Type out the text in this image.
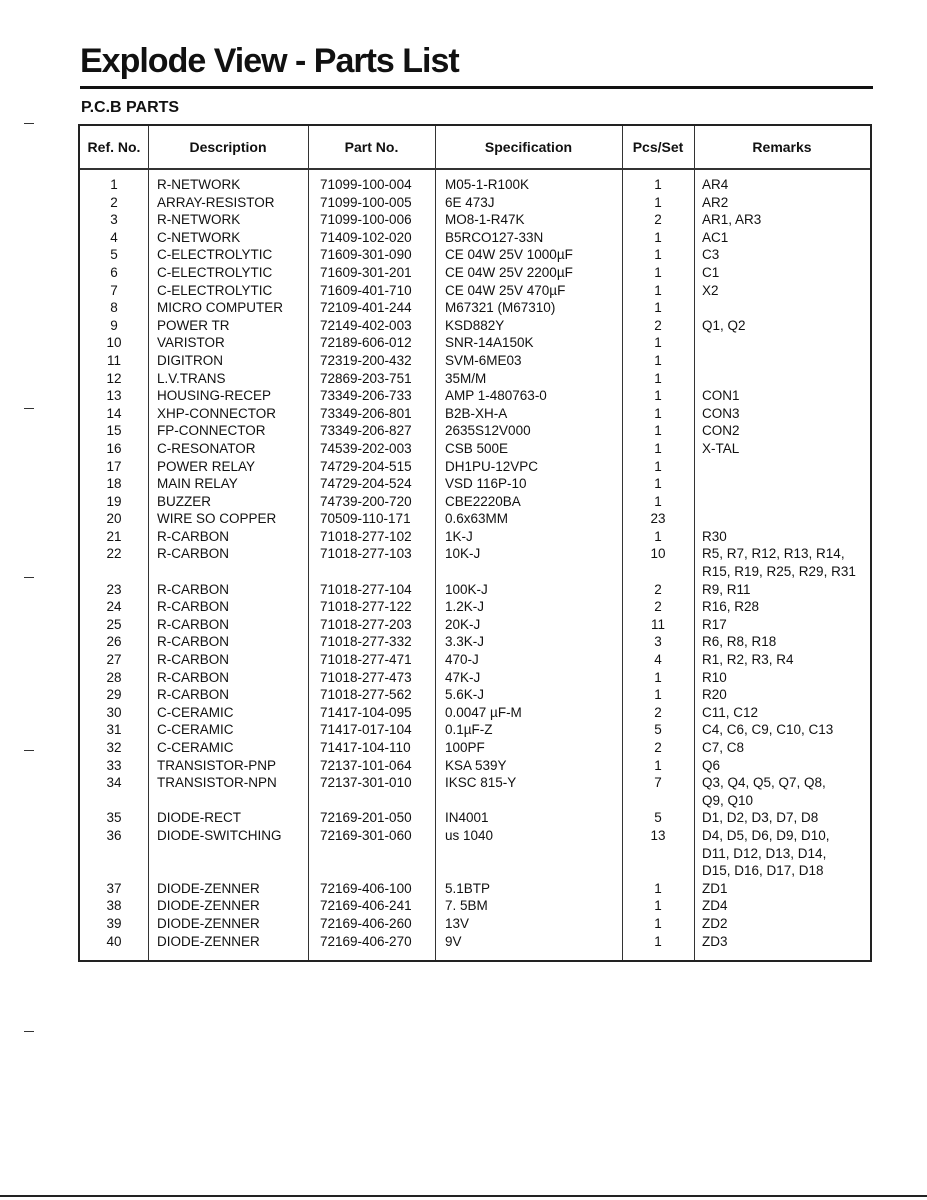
Explode View - Parts List
P.C.B PARTS
Ref. No.	Description	Part No.	Specification	Pcs/Set	Remarks
1	R-NETWORK	71099-100-004 M05-1-R100K	1	AR4
2	ARRAY-RESISTOR	71099-100-005 6E 473J	1	AR2
3	R-NETWORK	71099-100-006 MO8-1-R47K	2	AR1, AR3
4	C-NETWORK	71409-102-020 B5RCO127-33N	1	AC1
5	C-ELECTROLYTIC	71609-301-090 CE 04W 25V 1000µF	1	C3
6	C-ELECTROLYTIC	71609-301-201 CE 04W 25V 2200µF	1	C1
7	C-ELECTROLYTIC	71609-401-710 CE 04W 25V 470µF	1	X2
8	MICRO COMPUTER	72109-401-244 M67321 (M67310)	1
9	POWER TR	72149-402-003 KSD882Y	2	Q1, Q2
10	VARISTOR	72189-606-012 SNR-14A150K	1
11	DIGITRON	72319-200-432 SVM-6ME03	1
12	L.V.TRANS	72869-203-751 35M/M	1
13	HOUSING-RECEP	73349-206-733 AMP 1-480763-0	1	CON1
14	XHP-CONNECTOR	73349-206-801 B2B-XH-A	1	CON3
15	FP-CONNECTOR	73349-206-827 2635S12V000	1	CON2
16	C-RESONATOR	74539-202-003 CSB 500E	1	X-TAL
17	POWER RELAY	74729-204-515 DH1PU-12VPC	1
18	MAIN RELAY	74729-204-524 VSD 116P-10	1
19	BUZZER	74739-200-720 CBE2220BA	1
20	WIRE SO COPPER	70509-110-171	0.6x63MM	23
21	R-CARBON	71018-277-102 1K-J	1	R30
22	R-CARBON	71018-277-103 10K-J	10	R5, R7, R12, R13, R14,
R15, R19, R25, R29, R31
23	R-CARBON	71018-277-104 100K-J	2	R9, R11
24	R-CARBON	71018-277-122 1.2K-J	2	R16, R28
25	R-CARBON	71018-277-203 20K-J	11	R17
26	R-CARBON	71018-277-332 3.3K-J	3	R6, R8, R18
27	R-CARBON	71018-277-471 470-J	4	R1, R2, R3, R4
28	R-CARBON	71018-277-473 47K-J	1	R10
29	R-CARBON	71018-277-562 5.6K-J	1	R20
30	C-CERAMIC	71417-104-095 0.0047 µF-M	2	C11, C12
31	C-CERAMIC	71417-017-104 0.1µF-Z	5	C4, C6, C9, C10, C13
32	C-CERAMIC	71417-104-110	100PF	2	C7, C8
33	TRANSISTOR-PNP	72137-101-064 KSA 539Y	1	Q6
34	TRANSISTOR-NPN	72137-301-010 IKSC 815-Y	7	Q3, Q4, Q5, Q7, Q8,
Q9, Q10
35	DIODE-RECT	72169-201-050 IN4001	5	D1, D2, D3, D7, D8
36	DIODE-SWITCHING	72169-301-060 us 1040	13	D4, D5, D6, D9, D10,
D11, D12, D13, D14,
D15, D16, D17, D18
37	DIODE-ZENNER	72169-406-100 5.1BTP	1	ZD1
38	DIODE-ZENNER	72169-406-241 7. 5BM	1	ZD4
39	DIODE-ZENNER	72169-406-260 13V	1	ZD2
40	DIODE-ZENNER	72169-406-270 9V	1	ZD3
